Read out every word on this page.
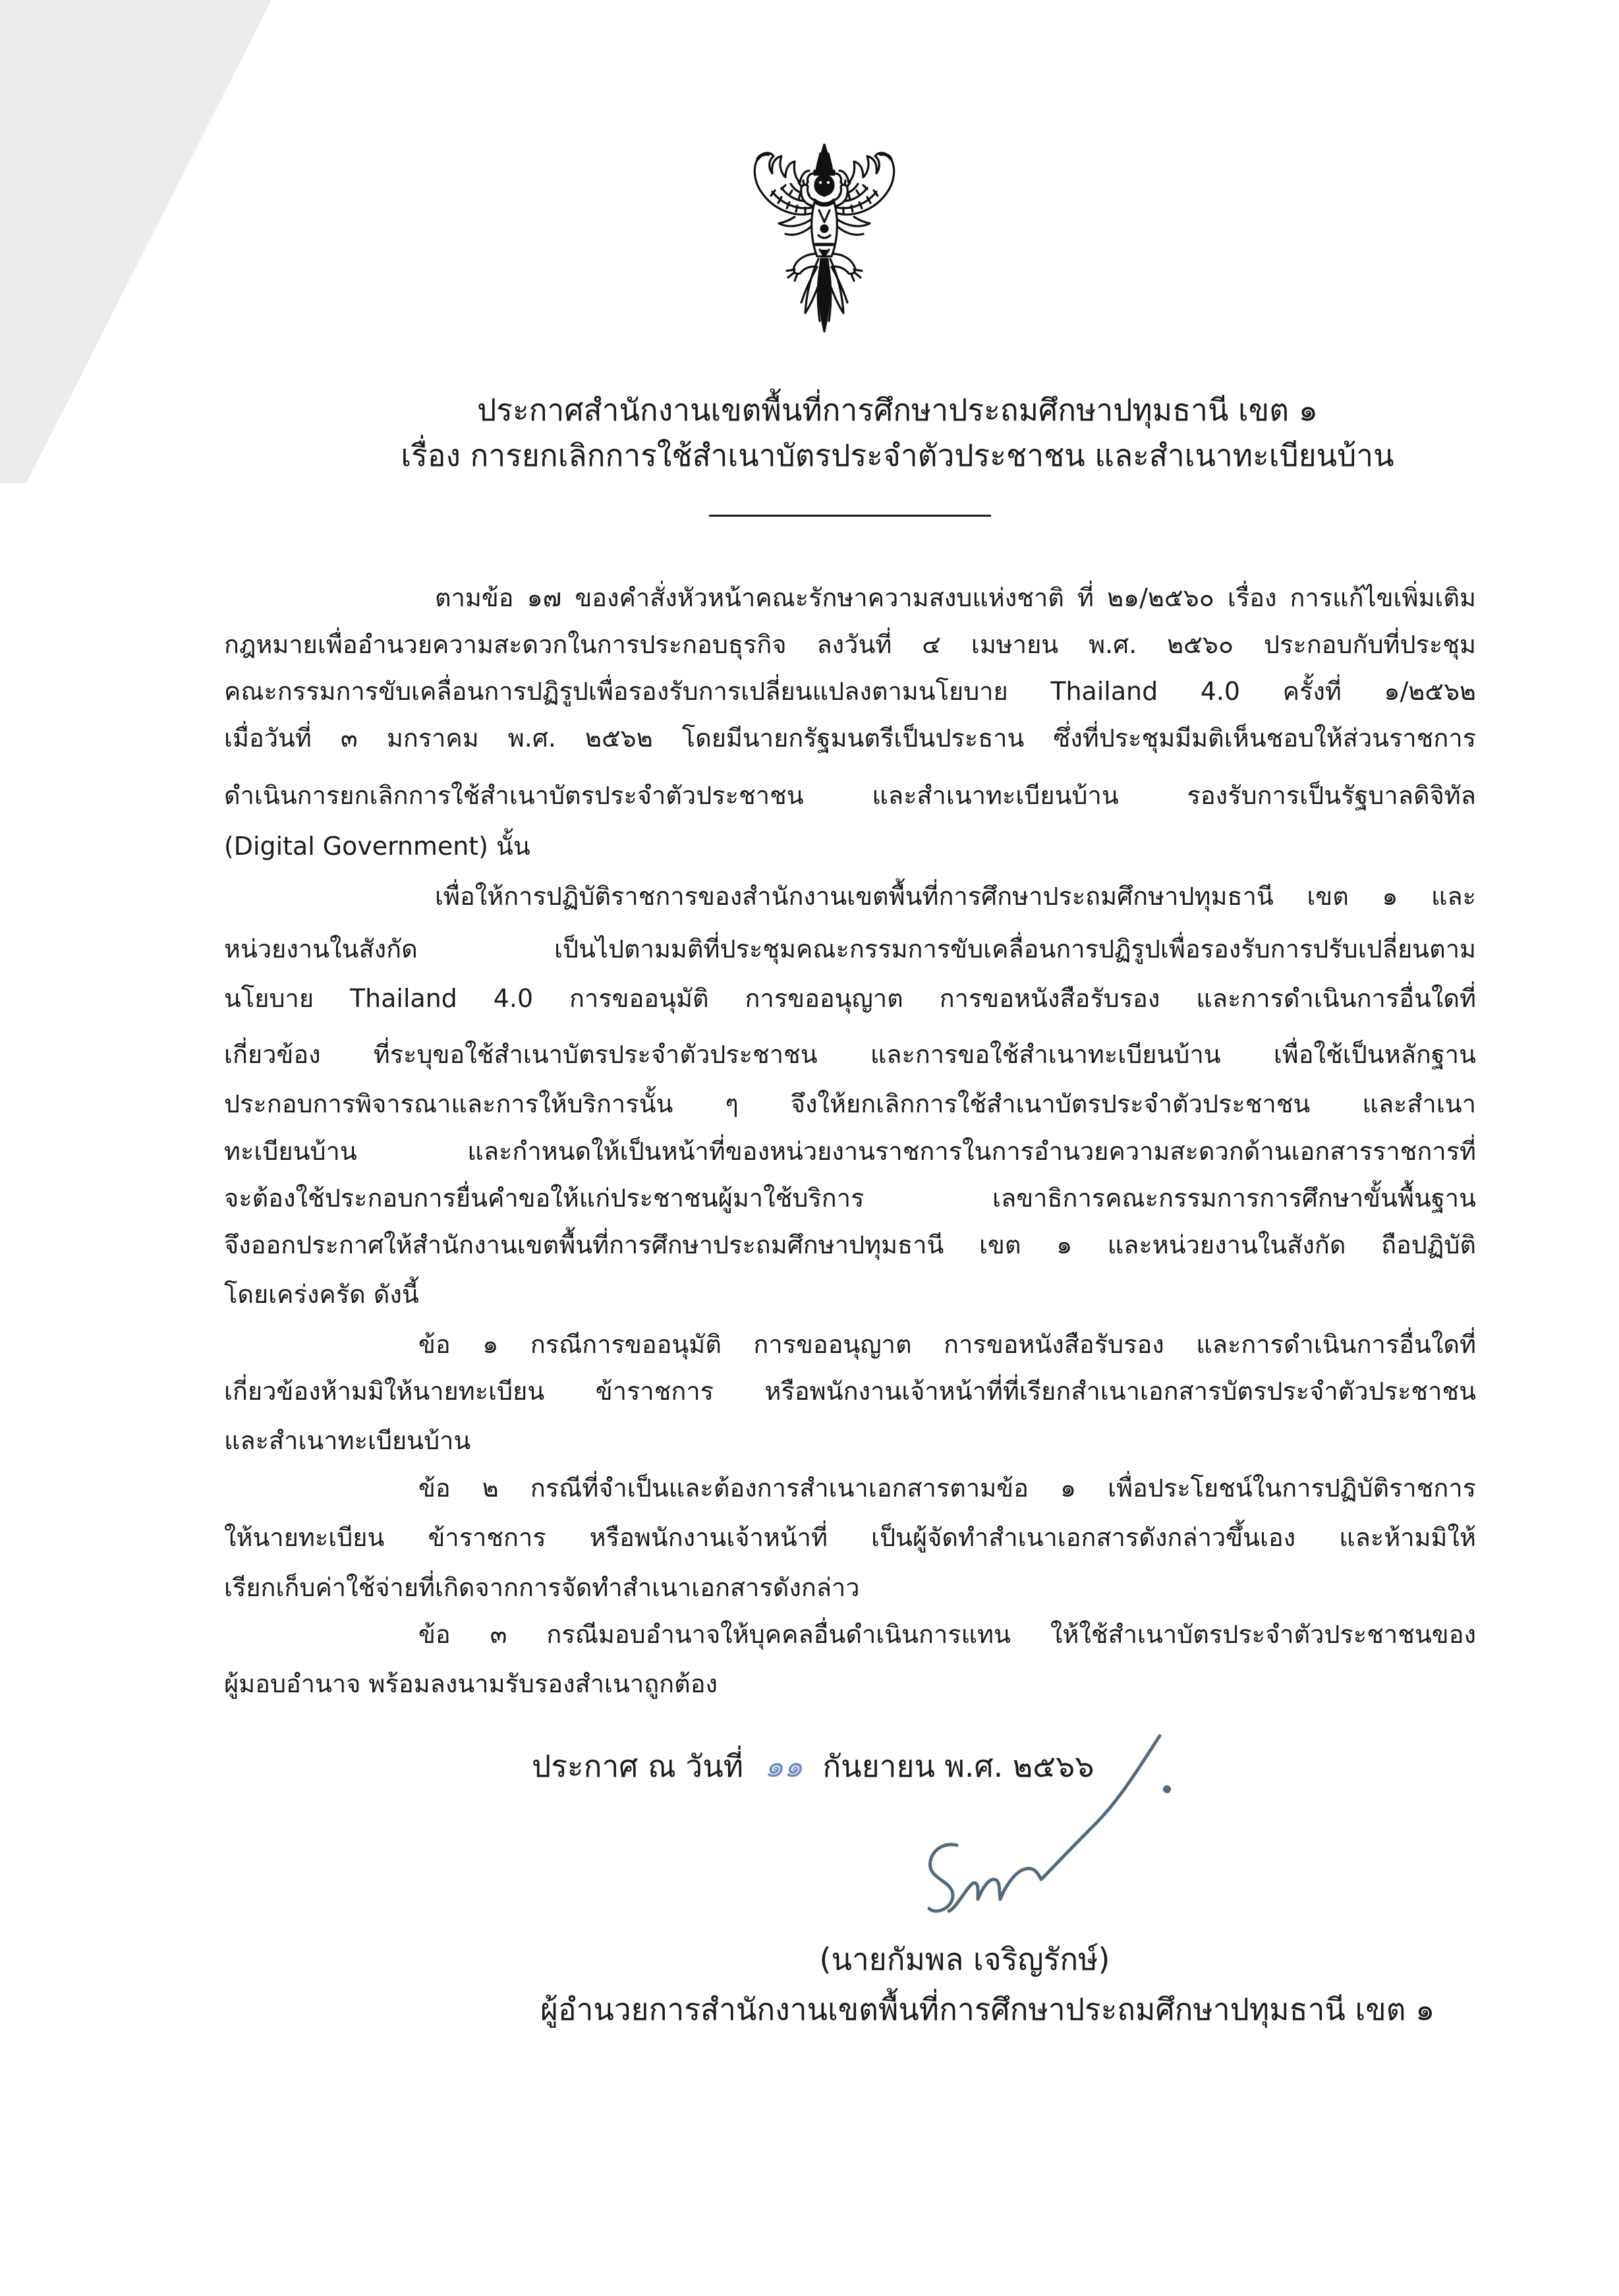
ประกาศสำนักงานเขตพื้นที่การศึกษาประถมศึกษาปทุมธานี เขต ๑
เรื่อง การยกเลิกการใช้สำเนาบัตรประจำตัวประชาชน และสำเนาทะเบียนบ้าน
ตามข้อ ๑๗ ของคำสั่งหัวหน้าคณะรักษาความสงบแห่งชาติ ที่ ๒๑/๒๕๖๐ เรื่อง การแก้ไขเพิ่มเติม
กฎหมายเพื่ออำนวยความสะดวกในการประกอบธุรกิจ ลงวันที่ ๔ เมษายน พ.ศ. ๒๕๖๐ ประกอบกับที่ประชุม
คณะกรรมการขับเคลื่อนการปฏิรูปเพื่อรองรับการเปลี่ยนแปลงตามนโยบาย Thailand 4.0 ครั้งที่ ๑/๒๕๖๒
เมื่อวันที่ ๓ มกราคม พ.ศ. ๒๕๖๒ โดยมีนายกรัฐมนตรีเป็นประธาน ซึ่งที่ประชุมมีมติเห็นชอบให้ส่วนราชการ
ดำเนินการยกเลิกการใช้สำเนาบัตรประจำตัวประชาชน และสำเนาทะเบียนบ้าน รองรับการเป็นรัฐบาลดิจิทัล
(Digital Government) นั้น
เพื่อให้การปฏิบัติราชการของสำนักงานเขตพื้นที่การศึกษาประถมศึกษาปทุมธานี เขต ๑ และ
หน่วยงานในสังกัด เป็นไปตามมติที่ประชุมคณะกรรมการขับเคลื่อนการปฏิรูปเพื่อรองรับการปรับเปลี่ยนตาม
นโยบาย Thailand 4.0 การขออนุมัติ การขออนุญาต การขอหนังสือรับรอง และการดำเนินการอื่นใดที่
เกี่ยวข้อง ที่ระบุขอใช้สำเนาบัตรประจำตัวประชาชน และการขอใช้สำเนาทะเบียนบ้าน เพื่อใช้เป็นหลักฐาน
ประกอบการพิจารณาและการให้บริการนั้น ๆ จึงให้ยกเลิกการใช้สำเนาบัตรประจำตัวประชาชน และสำเนา
ทะเบียนบ้าน และกำหนดให้เป็นหน้าที่ของหน่วยงานราชการในการอำนวยความสะดวกด้านเอกสารราชการที่
จะต้องใช้ประกอบการยื่นคำขอให้แก่ประชาชนผู้มาใช้บริการ เลขาธิการคณะกรรมการการศึกษาขั้นพื้นฐาน
จึงออกประกาศให้สำนักงานเขตพื้นที่การศึกษาประถมศึกษาปทุมธานี เขต ๑ และหน่วยงานในสังกัด ถือปฏิบัติ
โดยเคร่งครัด ดังนี้
ข้อ ๑ กรณีการขออนุมัติ การขออนุญาต การขอหนังสือรับรอง และการดำเนินการอื่นใดที่
เกี่ยวข้องห้ามมิให้นายทะเบียน ข้าราชการ หรือพนักงานเจ้าหน้าที่ที่เรียกสำเนาเอกสารบัตรประจำตัวประชาชน
และสำเนาทะเบียนบ้าน
ข้อ ๒ กรณีที่จำเป็นและต้องการสำเนาเอกสารตามข้อ ๑ เพื่อประโยชน์ในการปฏิบัติราชการ
ให้นายทะเบียน ข้าราชการ หรือพนักงานเจ้าหน้าที่ เป็นผู้จัดทำสำเนาเอกสารดังกล่าวขึ้นเอง และห้ามมิให้
เรียกเก็บค่าใช้จ่ายที่เกิดจากการจัดทำสำเนาเอกสารดังกล่าว
ข้อ ๓ กรณีมอบอำนาจให้บุคคลอื่นดำเนินการแทน ให้ใช้สำเนาบัตรประจำตัวประชาชนของ
ผู้มอบอำนาจ พร้อมลงนามรับรองสำเนาถูกต้อง
ประกาศ ณ วันที่ ๑๑ กันยายน พ.ศ. ๒๕๖๖
(นายกัมพล เจริญรักษ์)
ผู้อำนวยการสำนักงานเขตพื้นที่การศึกษาประถมศึกษาปทุมธานี เขต ๑
